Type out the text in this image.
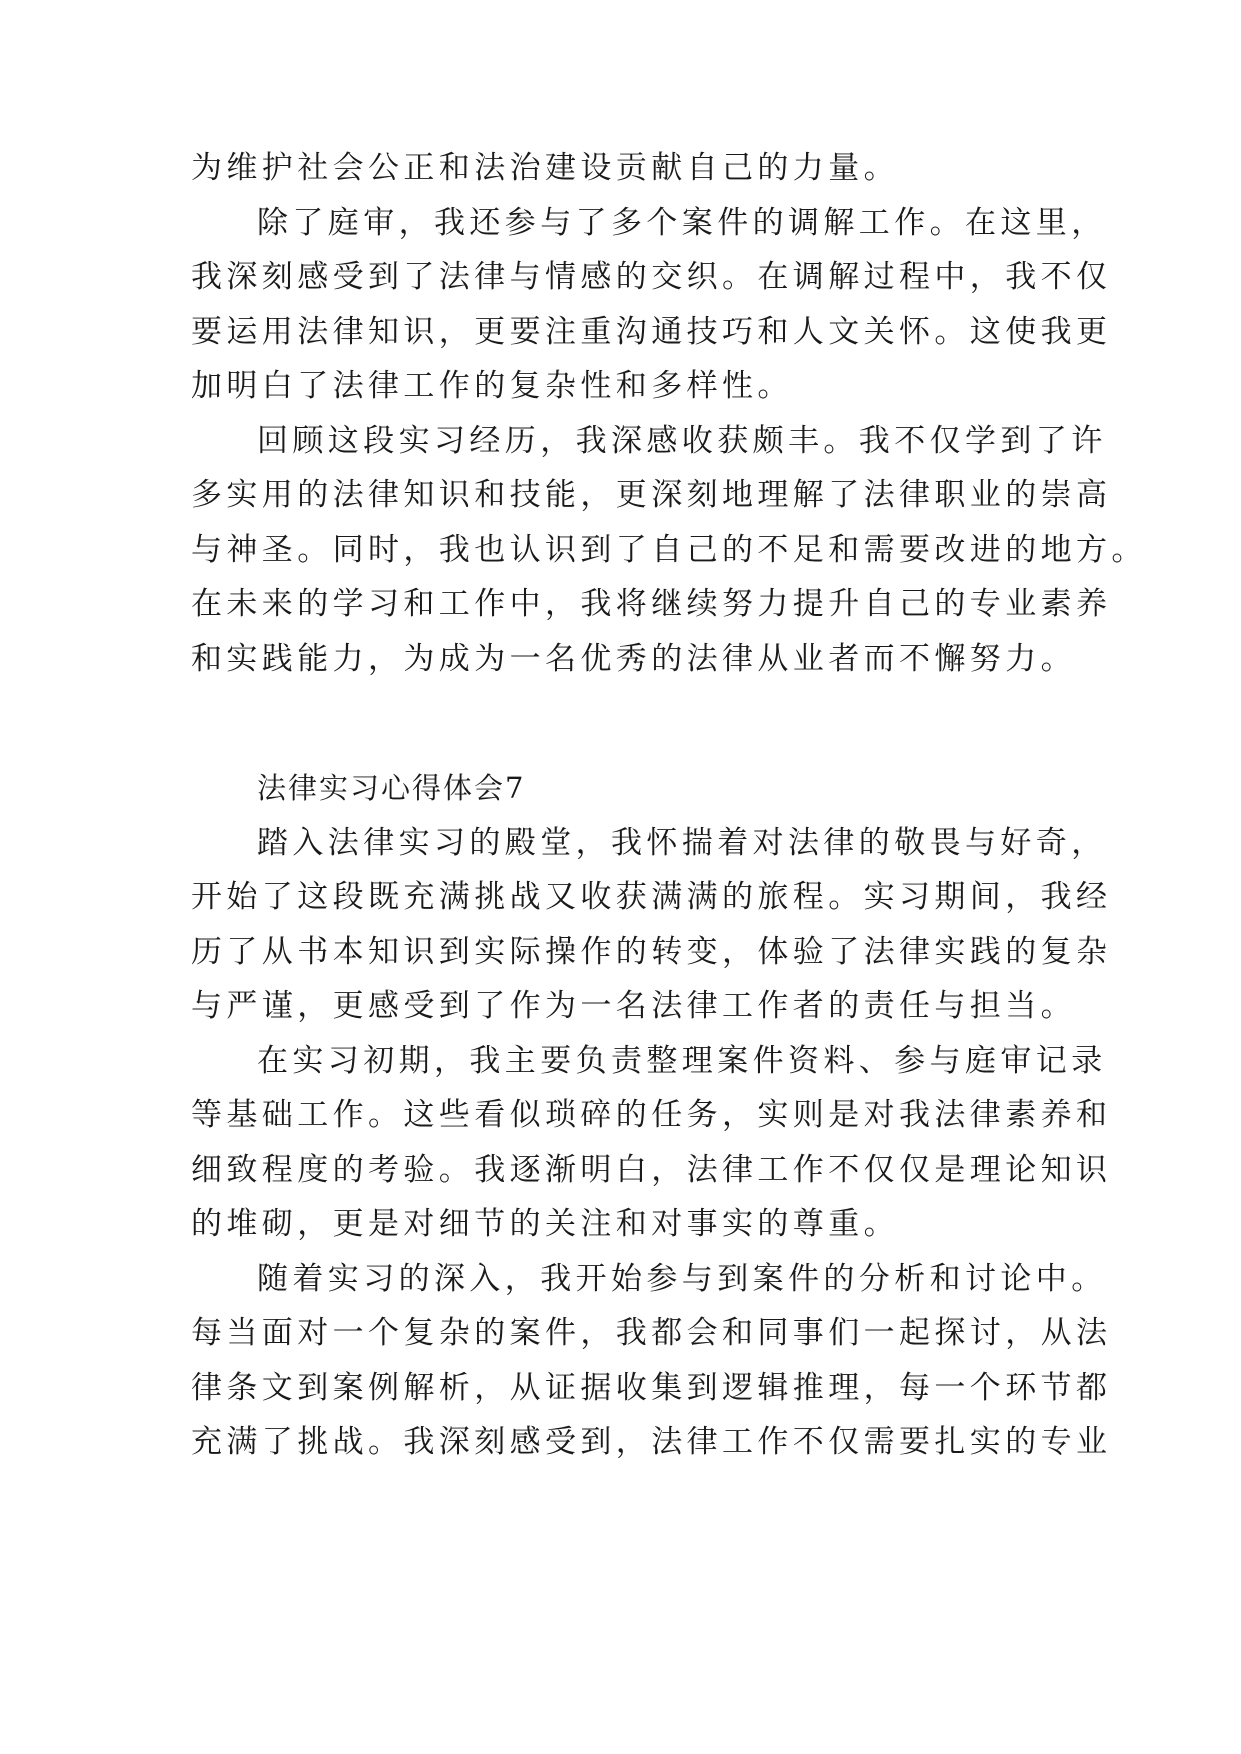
为维护社会公正和法治建设贡献自己的力量。
除了庭审，我还参与了多个案件的调解工作。在这里，
我深刻感受到了法律与情感的交织。在调解过程中，我不仅
要运用法律知识，更要注重沟通技巧和人文关怀。这使我更
加明白了法律工作的复杂性和多样性。
回顾这段实习经历，我深感收获颇丰。我不仅学到了许
多实用的法律知识和技能，更深刻地理解了法律职业的崇高
与神圣。同时，我也认识到了自己的不足和需要改进的地方。
在未来的学习和工作中，我将继续努力提升自己的专业素养
和实践能力，为成为一名优秀的法律从业者而不懈努力。
法律实习心得体会7
踏入法律实习的殿堂，我怀揣着对法律的敬畏与好奇，
开始了这段既充满挑战又收获满满的旅程。实习期间，我经
历了从书本知识到实际操作的转变，体验了法律实践的复杂
与严谨，更感受到了作为一名法律工作者的责任与担当。
在实习初期，我主要负责整理案件资料、参与庭审记录
等基础工作。这些看似琐碎的任务，实则是对我法律素养和
细致程度的考验。我逐渐明白，法律工作不仅仅是理论知识
的堆砌，更是对细节的关注和对事实的尊重。
随着实习的深入，我开始参与到案件的分析和讨论中。
每当面对一个复杂的案件，我都会和同事们一起探讨，从法
律条文到案例解析，从证据收集到逻辑推理，每一个环节都
充满了挑战。我深刻感受到，法律工作不仅需要扎实的专业
